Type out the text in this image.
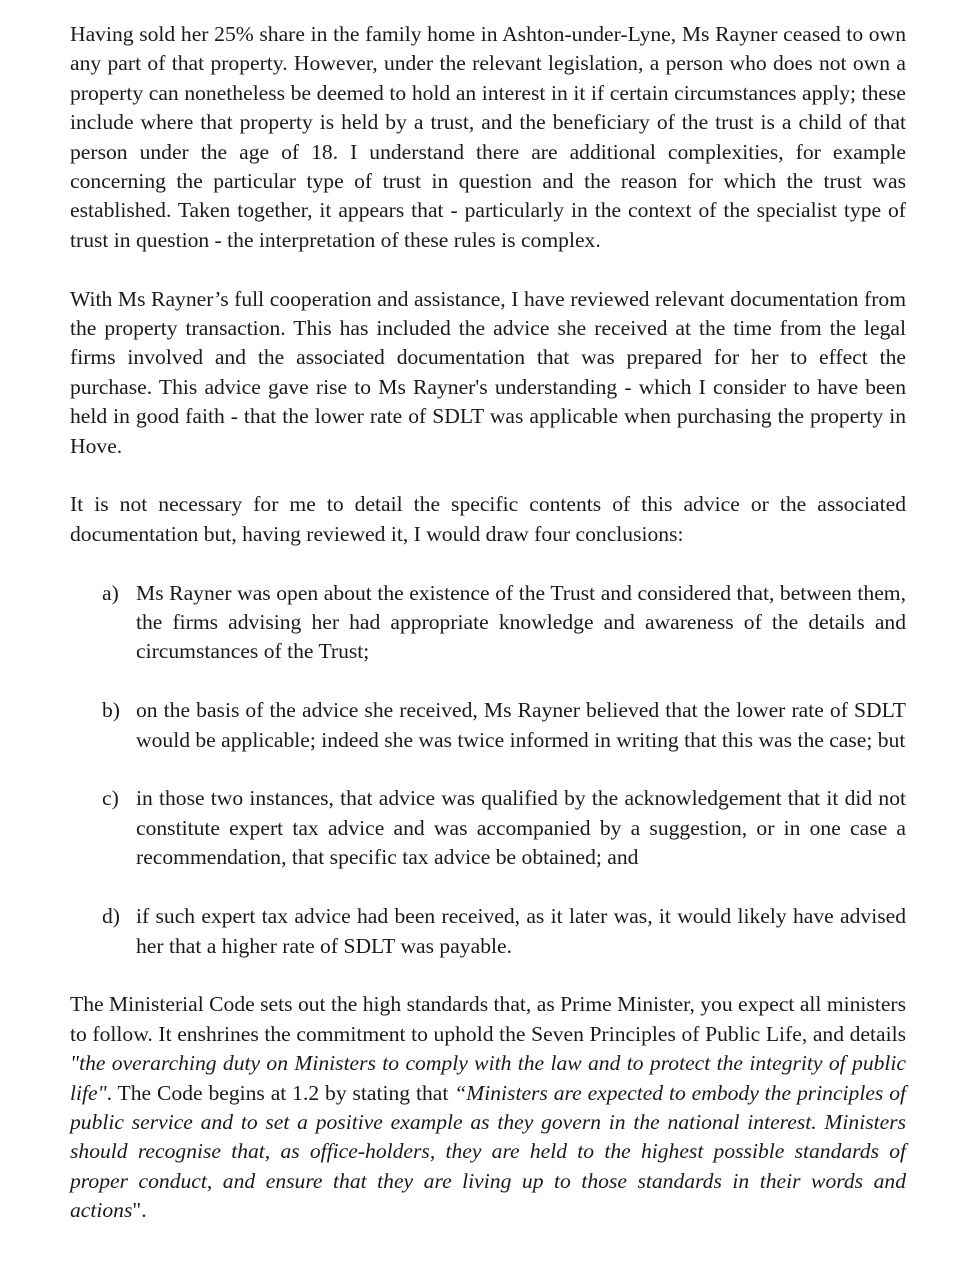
Having sold her 25% share in the family home in Ashton-under-Lyne, Ms Rayner ceased to own any part of that property. However, under the relevant legislation, a person who does not own a property can nonetheless be deemed to hold an interest in it if certain circumstances apply; these include where that property is held by a trust, and the beneficiary of the trust is a child of that person under the age of 18. I understand there are additional complexities, for example concerning the particular type of trust in question and the reason for which the trust was established. Taken together, it appears that - particularly in the context of the specialist type of trust in question - the interpretation of these rules is complex.

With Ms Rayner’s full cooperation and assistance, I have reviewed relevant documentation from the property transaction. This has included the advice she received at the time from the legal firms involved and the associated documentation that was prepared for her to effect the purchase. This advice gave rise to Ms Rayner's understanding - which I consider to have been held in good faith - that the lower rate of SDLT was applicable when purchasing the property in Hove.

It is not necessary for me to detail the specific contents of this advice or the associated documentation but, having reviewed it, I would draw four conclusions:

a) Ms Rayner was open about the existence of the Trust and considered that, between them, the firms advising her had appropriate knowledge and awareness of the details and circumstances of the Trust;
b) on the basis of the advice she received, Ms Rayner believed that the lower rate of SDLT would be applicable; indeed she was twice informed in writing that this was the case; but
c) in those two instances, that advice was qualified by the acknowledgement that it did not constitute expert tax advice and was accompanied by a suggestion, or in one case a recommendation, that specific tax advice be obtained; and
d) if such expert tax advice had been received, as it later was, it would likely have advised her that a higher rate of SDLT was payable.

The Ministerial Code sets out the high standards that, as Prime Minister, you expect all ministers to follow. It enshrines the commitment to uphold the Seven Principles of Public Life, and details "the overarching duty on Ministers to comply with the law and to protect the integrity of public life". The Code begins at 1.2 by stating that “Ministers are expected to embody the principles of public service and to set a positive example as they govern in the national interest. Ministers should recognise that, as office-holders, they are held to the highest possible standards of proper conduct, and ensure that they are living up to those standards in their words and actions".
